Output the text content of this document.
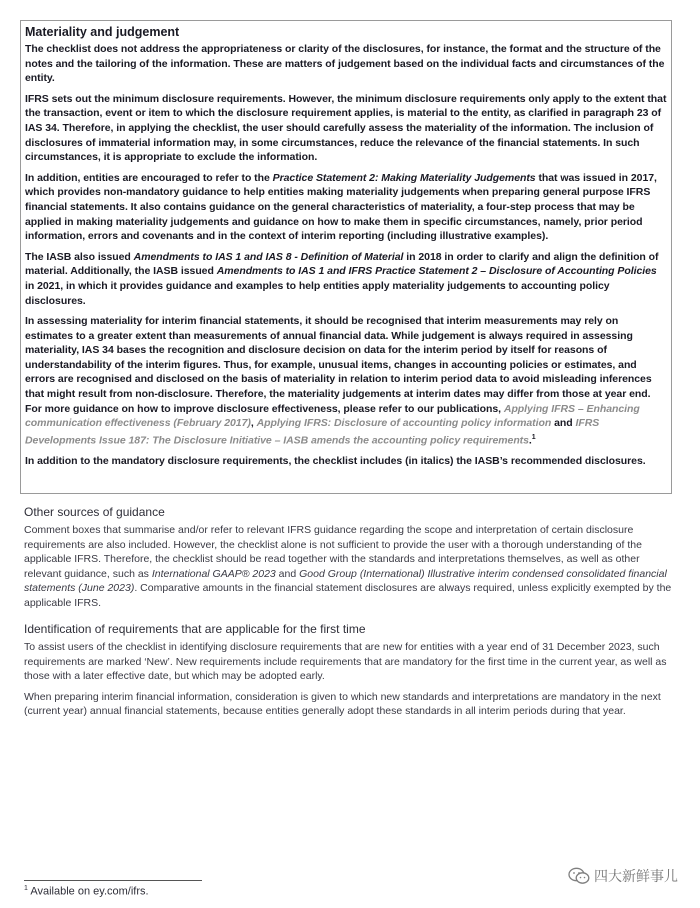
Materiality and judgement

The checklist does not address the appropriateness or clarity of the disclosures, for instance, the format and the structure of the notes and the tailoring of the information. These are matters of judgement based on the individual facts and circumstances of the entity.

IFRS sets out the minimum disclosure requirements. However, the minimum disclosure requirements only apply to the extent that the transaction, event or item to which the disclosure requirement applies, is material to the entity, as clarified in paragraph 23 of IAS 34. Therefore, in applying the checklist, the user should carefully assess the materiality of the information. The inclusion of disclosures of immaterial information may, in some circumstances, reduce the relevance of the financial statements. In such circumstances, it is appropriate to exclude the information.

In addition, entities are encouraged to refer to the Practice Statement 2: Making Materiality Judgements that was issued in 2017, which provides non-mandatory guidance to help entities making materiality judgements when preparing general purpose IFRS financial statements. It also contains guidance on the general characteristics of materiality, a four-step process that may be applied in making materiality judgements and guidance on how to make them in specific circumstances, namely, prior period information, errors and covenants and in the context of interim reporting (including illustrative examples).

The IASB also issued Amendments to IAS 1 and IAS 8 - Definition of Material in 2018 in order to clarify and align the definition of material. Additionally, the IASB issued Amendments to IAS 1 and IFRS Practice Statement 2 – Disclosure of Accounting Policies in 2021, in which it provides guidance and examples to help entities apply materiality judgements to accounting policy disclosures.

In assessing materiality for interim financial statements, it should be recognised that interim measurements may rely on estimates to a greater extent than measurements of annual financial data. While judgement is always required in assessing materiality, IAS 34 bases the recognition and disclosure decision on data for the interim period by itself for reasons of understandability of the interim figures. Thus, for example, unusual items, changes in accounting policies or estimates, and errors are recognised and disclosed on the basis of materiality in relation to interim period data to avoid misleading inferences that might result from non-disclosure. Therefore, the materiality judgements at interim dates may differ from those at year end. For more guidance on how to improve disclosure effectiveness, please refer to our publications, Applying IFRS – Enhancing communication effectiveness (February 2017), Applying IFRS: Disclosure of accounting policy information and IFRS Developments Issue 187: The Disclosure Initiative – IASB amends the accounting policy requirements.$^1$

In addition to the mandatory disclosure requirements, the checklist includes (in italics) the IASB’s recommended disclosures.

Other sources of guidance

Comment boxes that summarise and/or refer to relevant IFRS guidance regarding the scope and interpretation of certain disclosure requirements are also included. However, the checklist alone is not sufficient to provide the user with a thorough understanding of the applicable IFRS. Therefore, the checklist should be read together with the standards and interpretations themselves, as well as other relevant guidance, such as International GAAP® 2023 and Good Group (International) Illustrative interim condensed consolidated financial statements (June 2023). Comparative amounts in the financial statement disclosures are always required, unless explicitly exempted by the applicable IFRS.

Identification of requirements that are applicable for the first time

To assist users of the checklist in identifying disclosure requirements that are new for entities with a year end of 31 December 2023, such requirements are marked ‘New’. New requirements include requirements that are mandatory for the first time in the current year, as well as those with a later effective date, but which may be adopted early.

When preparing interim financial information, consideration is given to which new standards and interpretations are mandatory in the next (current year) annual financial statements, because entities generally adopt these standards in all interim periods during that year.

$^1$ Available on ey.com/ifrs.
四大新鲜事儿
